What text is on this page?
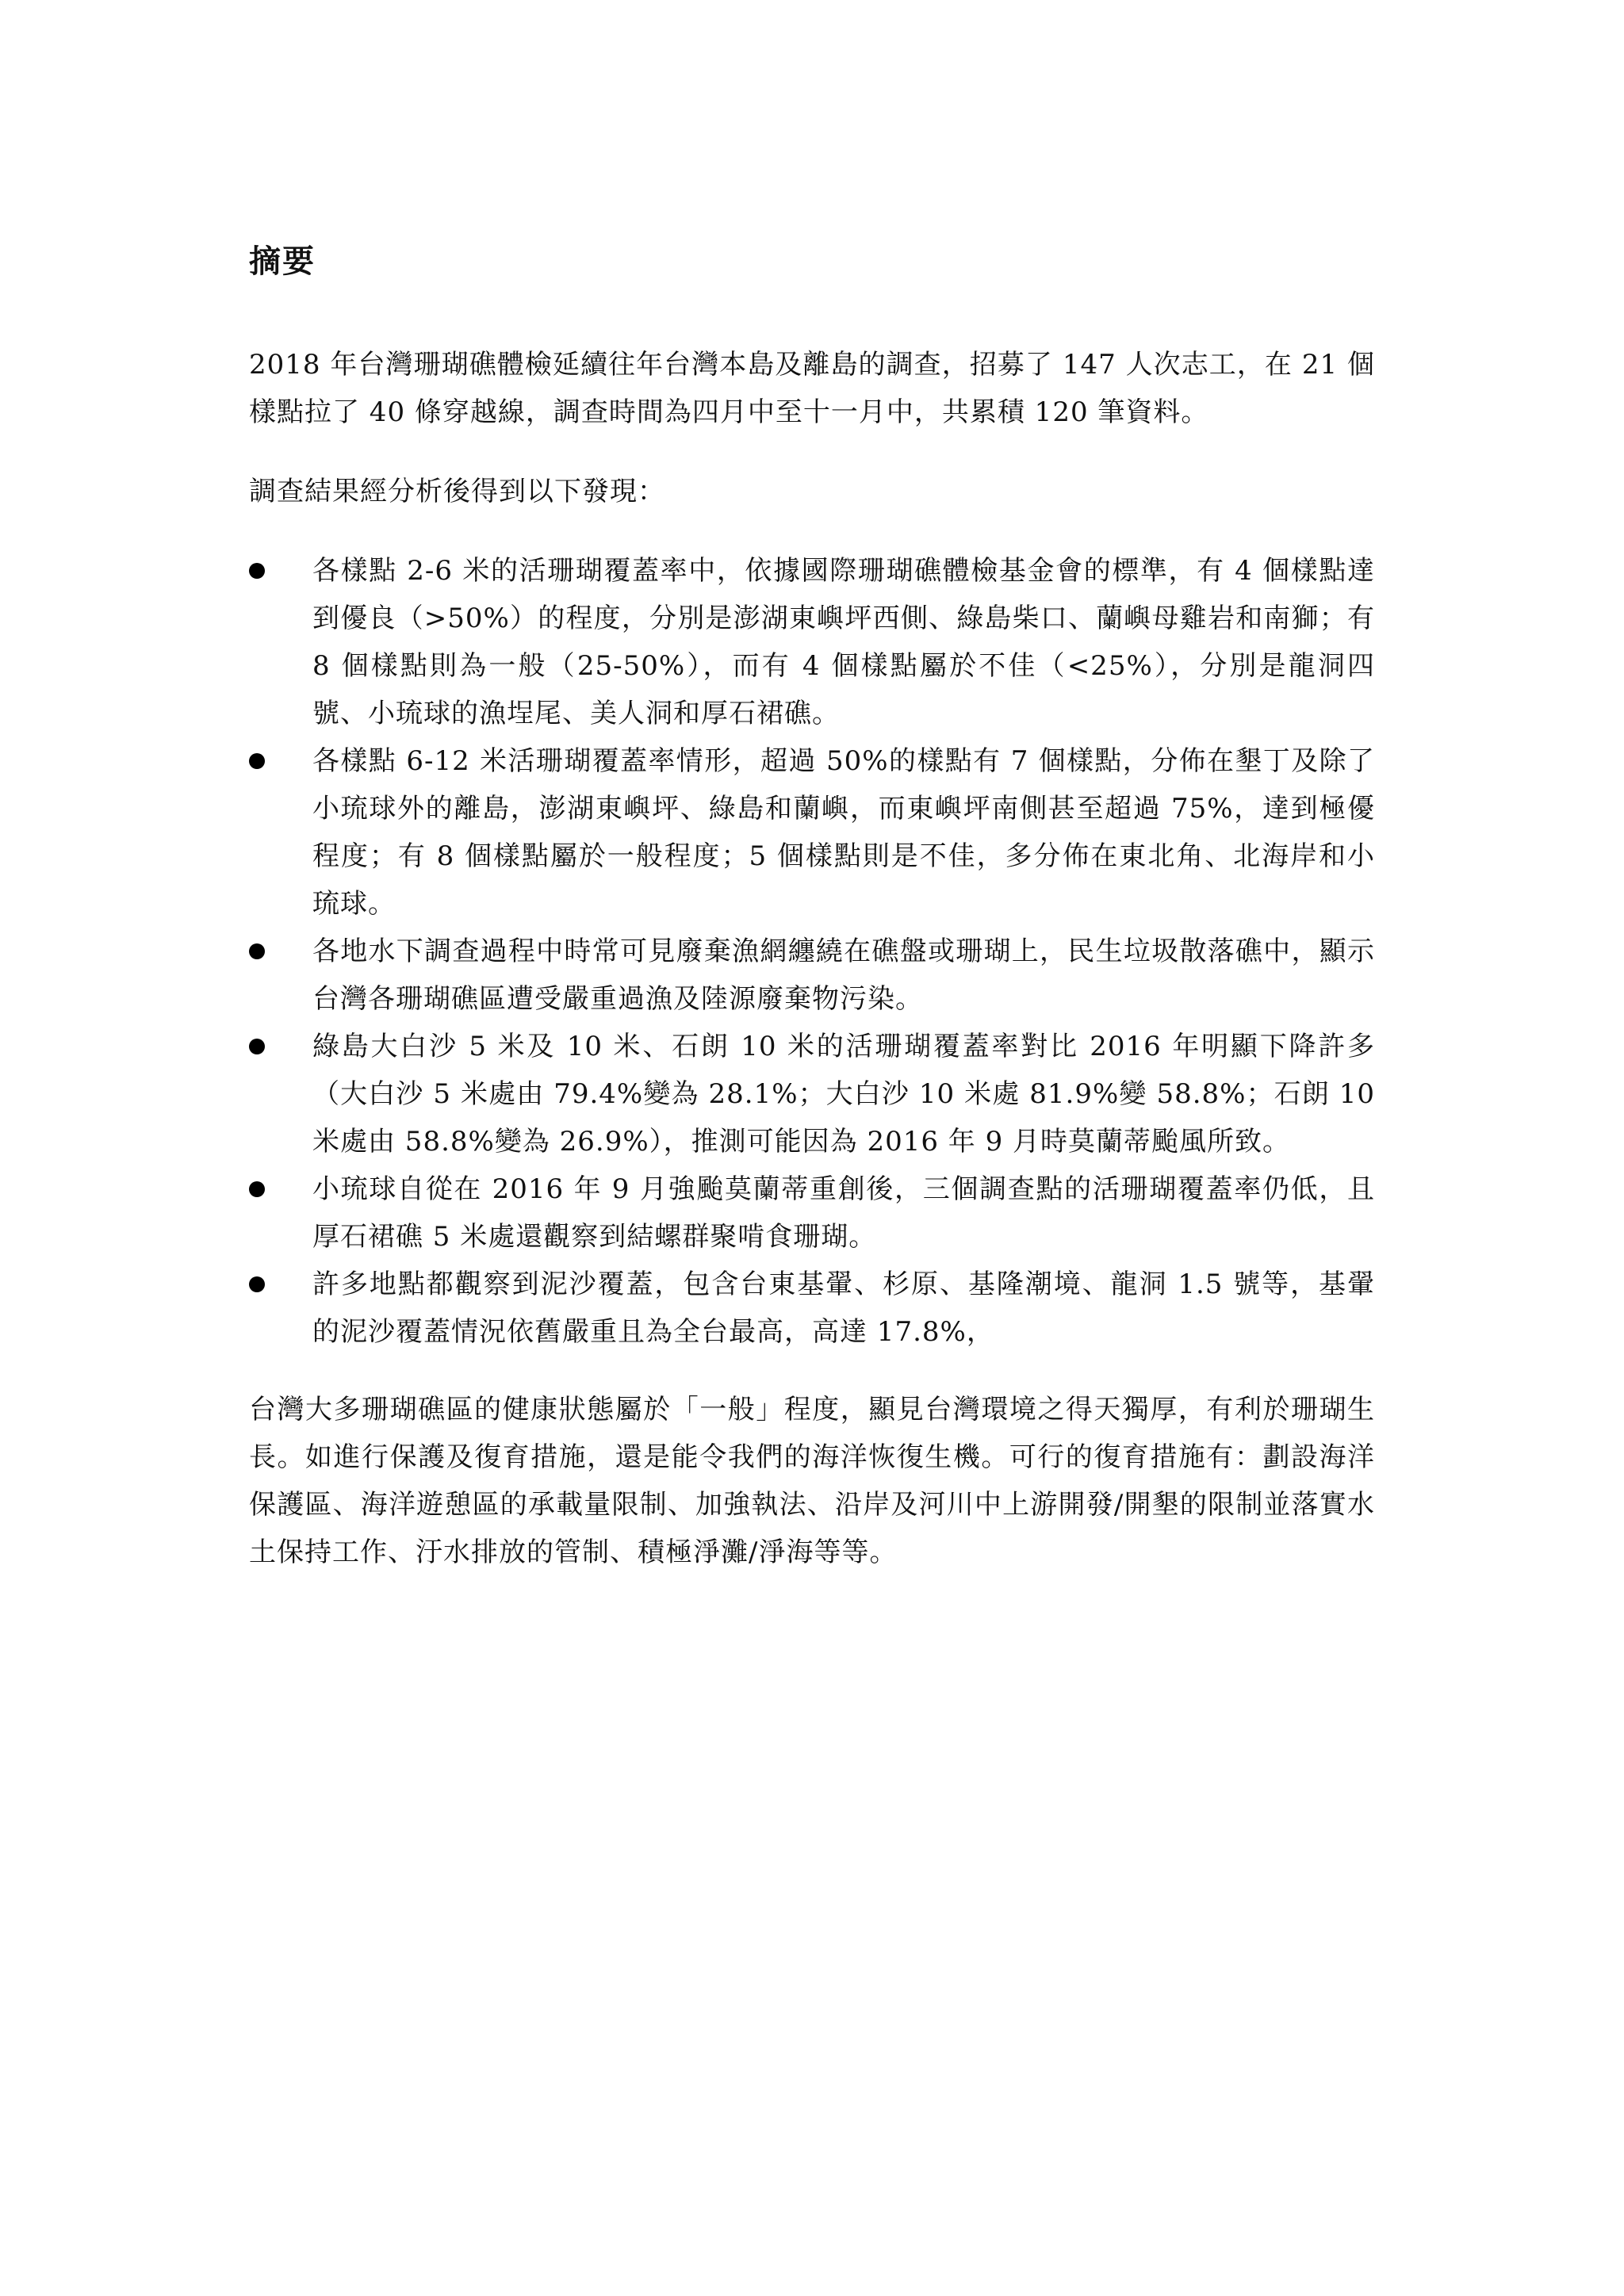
摘要

2018 年台灣珊瑚礁體檢延續往年台灣本島及離島的調查，招募了 147 人次志工，在 21 個樣點拉了 40 條穿越線，調查時間為四月中至十一月中，共累積 120 筆資料。

調查結果經分析後得到以下發現：

各樣點 2-6 米的活珊瑚覆蓋率中，依據國際珊瑚礁體檢基金會的標準，有 4 個樣點達到優良（>50%）的程度，分別是澎湖東嶼坪西側、綠島柴口、蘭嶼母雞岩和南獅；有 8 個樣點則為一般（25-50%），而有 4 個樣點屬於不佳（<25%），分別是龍洞四號、小琉球的漁埕尾、美人洞和厚石裙礁。
各樣點 6-12 米活珊瑚覆蓋率情形，超過 50%的樣點有 7 個樣點，分佈在墾丁及除了小琉球外的離島，澎湖東嶼坪、綠島和蘭嶼，而東嶼坪南側甚至超過 75%，達到極優程度；有 8 個樣點屬於一般程度；5 個樣點則是不佳，多分佈在東北角、北海岸和小琉球。
各地水下調查過程中時常可見廢棄漁網纏繞在礁盤或珊瑚上，民生垃圾散落礁中，顯示台灣各珊瑚礁區遭受嚴重過漁及陸源廢棄物污染。
綠島大白沙 5 米及 10 米、石朗 10 米的活珊瑚覆蓋率對比 2016 年明顯下降許多（大白沙 5 米處由 79.4%變為 28.1%；大白沙 10 米處 81.9%變 58.8%；石朗 10 米處由 58.8%變為 26.9%），推測可能因為 2016 年 9 月時莫蘭蒂颱風所致。
小琉球自從在 2016 年 9 月強颱莫蘭蒂重創後，三個調查點的活珊瑚覆蓋率仍低，且厚石裙礁 5 米處還觀察到結螺群聚啃食珊瑚。
許多地點都觀察到泥沙覆蓋，包含台東基翬、杉原、基隆潮境、龍洞 1.5 號等，基翬的泥沙覆蓋情況依舊嚴重且為全台最高，高達 17.8%，

台灣大多珊瑚礁區的健康狀態屬於「一般」程度，顯見台灣環境之得天獨厚，有利於珊瑚生長。如進行保護及復育措施，還是能令我們的海洋恢復生機。可行的復育措施有：劃設海洋保護區、海洋遊憩區的承載量限制、加強執法、沿岸及河川中上游開發/開墾的限制並落實水土保持工作、汙水排放的管制、積極淨灘/淨海等等。
